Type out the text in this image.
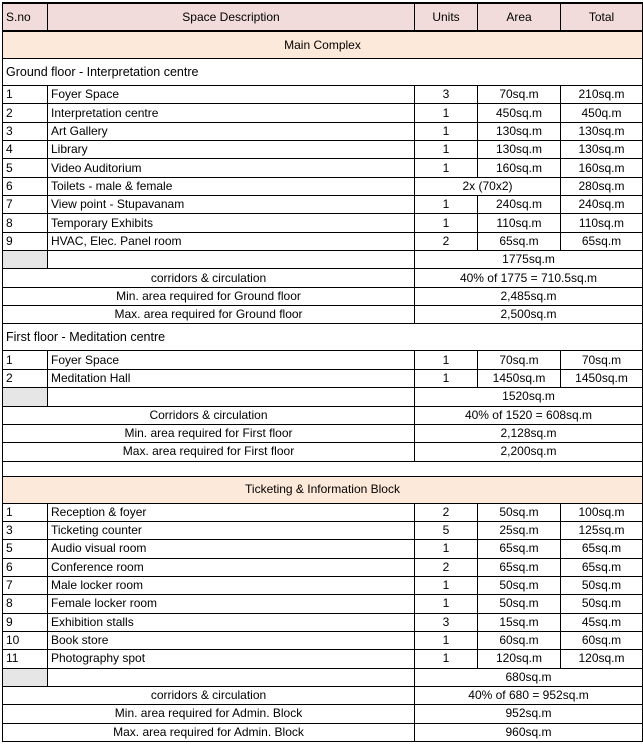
S.no	Space Description	Units	Area	Total
Main Complex				
Ground floor - Interpretation centre				
1	Foyer Space	3	70sq.m	210sq.m
2	Interpretation centre	1	450sq.m	450q.m
3	Art Gallery	1	130sq.m	130sq.m
4	Library	1	130sq.m	130sq.m
5	Video Auditorium	1	160sq.m	160sq.m
6	Toilets - male & female	2x (70x2)		280sq.m
7	View point - Stupavanam	1	240sq.m	240sq.m
8	Temporary Exhibits	1	110sq.m	110sq.m
9	HVAC, Elec. Panel room	2	65sq.m	65sq.m
		1775sq.m		
corridors & circulation		40% of 1775 = 710.5sq.m		
Min. area required for Ground floor		2,485sq.m		
Max. area required for Ground floor		2,500sq.m		
First floor - Meditation centre				
1	Foyer Space	1	70sq.m	70sq.m
2	Meditation Hall	1	1450sq.m	1450sq.m
		1520sq.m		
Corridors & circulation		40% of 1520 = 608sq.m		
Min. area required for First floor		2,128sq.m		
Max. area required for First floor		2,200sq.m		

Ticketing & Information Block				
1	Reception & foyer	2	50sq.m	100sq.m
3	Ticketing counter	5	25sq.m	125sq.m
5	Audio visual room	1	65sq.m	65sq.m
6	Conference room	2	65sq.m	65sq.m
7	Male locker room	1	50sq.m	50sq.m
8	Female locker room	1	50sq.m	50sq.m
9	Exhibition stalls	3	15sq.m	45sq.m
10	Book store	1	60sq.m	60sq.m
11	Photography spot	1	120sq.m	120sq.m
		680sq.m		
corridors & circulation		40% of 680 = 952sq.m		
Min. area required for Admin. Block		952sq.m		
Max. area required for Admin. Block		960sq.m		
